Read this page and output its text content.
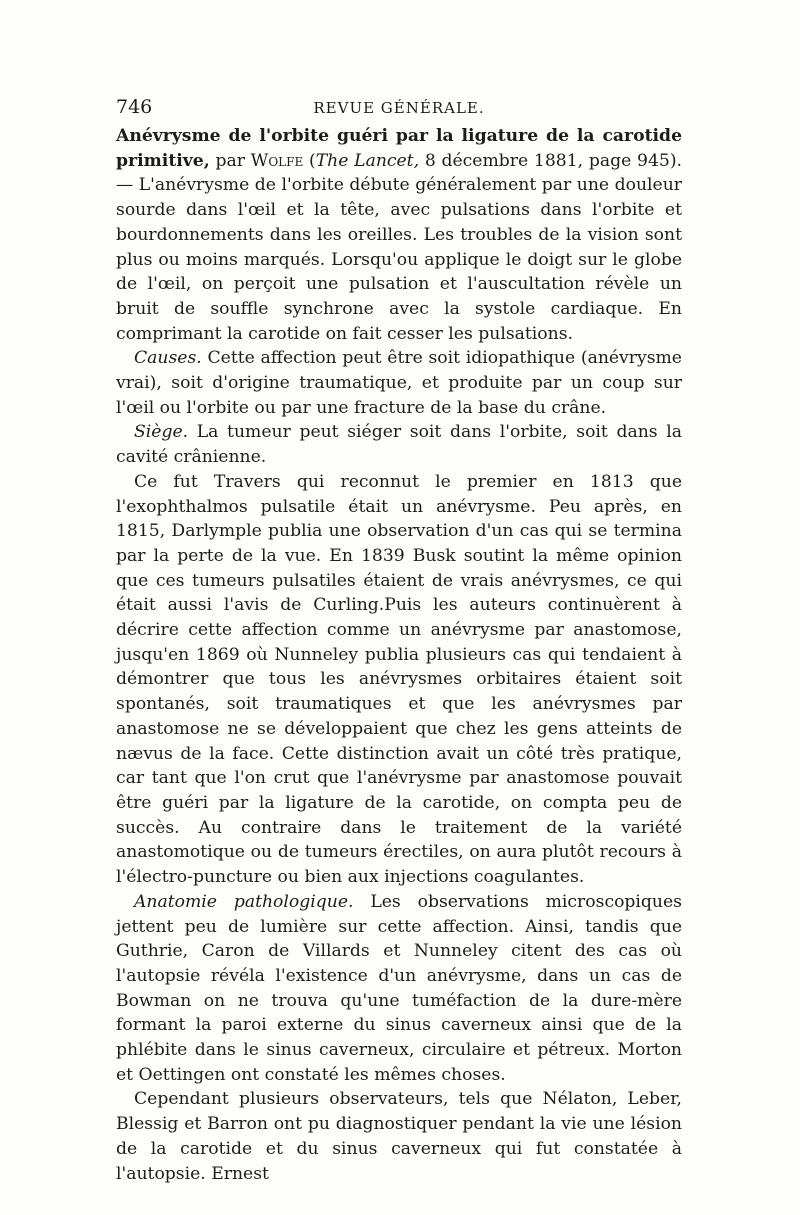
746	REVUE GÉNÉRALE.

Anévrysme de l'orbite guéri par la ligature de la carotide primitive, par Wolfe (The Lancet, 8 décembre 1881, page 945). — L'anévrysme de l'orbite débute généralement par une douleur sourde dans l'œil et la tête, avec pulsations dans l'orbite et bourdonnements dans les oreilles. Les troubles de la vision sont plus ou moins marqués. Lorsqu'ou applique le doigt sur le globe de l'œil, on perçoit une pulsation et l'auscultation révèle un bruit de souffle synchrone avec la systole cardiaque. En comprimant la carotide on fait cesser les pulsations.

Causes. Cette affection peut être soit idiopathique (anévrysme vrai), soit d'origine traumatique, et produite par un coup sur l'œil ou l'orbite ou par une fracture de la base du crâne.

Siège. La tumeur peut siéger soit dans l'orbite, soit dans la cavité crânienne.

Ce fut Travers qui reconnut le premier en 1813 que l'exophthalmos pulsatile était un anévrysme. Peu après, en 1815, Darlymple publia une observation d'un cas qui se termina par la perte de la vue. En 1839 Busk soutint la même opinion que ces tumeurs pulsatiles étaient de vrais anévrysmes, ce qui était aussi l'avis de Curling.Puis les auteurs continuèrent à décrire cette affection comme un anévrysme par anastomose, jusqu'en 1869 où Nunneley publia plusieurs cas qui tendaient à démontrer que tous les anévrysmes orbitaires étaient soit spontanés, soit traumatiques et que les anévrysmes par anastomose ne se développaient que chez les gens atteints de nævus de la face. Cette distinction avait un côté très pratique, car tant que l'on crut que l'anévrysme par anastomose pouvait être guéri par la ligature de la carotide, on compta peu de succès. Au contraire dans le traitement de la variété anastomotique ou de tumeurs érectiles, on aura plutôt recours à l'électro-puncture ou bien aux injections coagulantes.

Anatomie pathologique. Les observations microscopiques jettent peu de lumière sur cette affection. Ainsi, tandis que Guthrie, Caron de Villards et Nunneley citent des cas où l'autopsie révéla l'existence d'un anévrysme, dans un cas de Bowman on ne trouva qu'une tuméfaction de la dure-mère formant la paroi externe du sinus caverneux ainsi que de la phlébite dans le sinus caverneux, circulaire et pétreux. Morton et Oettingen ont constaté les mêmes choses.

Cependant plusieurs observateurs, tels que Nélaton, Leber, Blessig et Barron ont pu diagnostiquer pendant la vie une lésion de la carotide et du sinus caverneux qui fut constatée à l'autopsie. Ernest
